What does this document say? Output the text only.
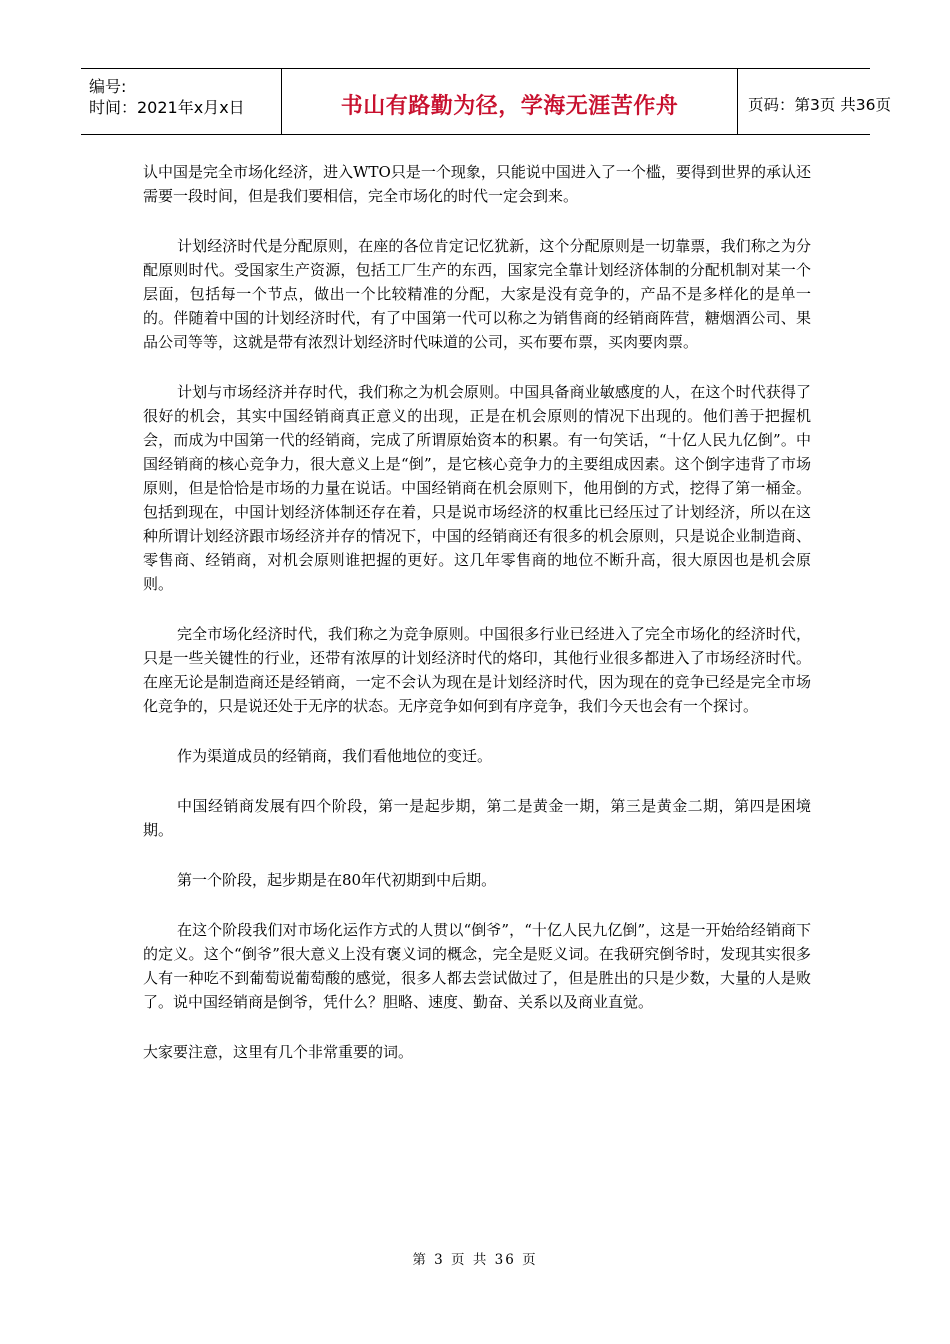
编号:
时间：2021年x月x日	书山有路勤为径，学海无涯苦作舟	页码：第3页 共36页

认中国是完全市场化经济，进入WTO只是一个现象，只能说中国进入了一个槛，要得到世界的承认还需要一段时间，但是我们要相信，完全市场化的时代一定会到来。

计划经济时代是分配原则，在座的各位肯定记忆犹新，这个分配原则是一切靠票，我们称之为分配原则时代。受国家生产资源，包括工厂生产的东西，国家完全靠计划经济体制的分配机制对某一个层面，包括每一个节点，做出一个比较精准的分配，大家是没有竞争的，产品不是多样化的是单一的。伴随着中国的计划经济时代，有了中国第一代可以称之为销售商的经销商阵营，糖烟酒公司、果品公司等等，这就是带有浓烈计划经济时代味道的公司，买布要布票，买肉要肉票。

计划与市场经济并存时代，我们称之为机会原则。中国具备商业敏感度的人，在这个时代获得了很好的机会，其实中国经销商真正意义的出现，正是在机会原则的情况下出现的。他们善于把握机会，而成为中国第一代的经销商，完成了所谓原始资本的积累。有一句笑话，“十亿人民九亿倒”。中国经销商的核心竞争力，很大意义上是“倒”，是它核心竞争力的主要组成因素。这个倒字违背了市场原则，但是恰恰是市场的力量在说话。中国经销商在机会原则下，他用倒的方式，挖得了第一桶金。包括到现在，中国计划经济体制还存在着，只是说市场经济的权重比已经压过了计划经济，所以在这种所谓计划经济跟市场经济并存的情况下，中国的经销商还有很多的机会原则，只是说企业制造商、零售商、经销商，对机会原则谁把握的更好。这几年零售商的地位不断升高，很大原因也是机会原则。

完全市场化经济时代，我们称之为竞争原则。中国很多行业已经进入了完全市场化的经济时代，只是一些关键性的行业，还带有浓厚的计划经济时代的烙印，其他行业很多都进入了市场经济时代。在座无论是制造商还是经销商，一定不会认为现在是计划经济时代，因为现在的竞争已经是完全市场化竞争的，只是说还处于无序的状态。无序竞争如何到有序竞争，我们今天也会有一个探讨。

作为渠道成员的经销商，我们看他地位的变迁。

中国经销商发展有四个阶段，第一是起步期，第二是黄金一期，第三是黄金二期，第四是困境期。

第一个阶段，起步期是在80年代初期到中后期。

在这个阶段我们对市场化运作方式的人贯以“倒爷”，“十亿人民九亿倒”，这是一开始给经销商下的定义。这个“倒爷”很大意义上没有褒义词的概念，完全是贬义词。在我研究倒爷时，发现其实很多人有一种吃不到葡萄说葡萄酸的感觉，很多人都去尝试做过了，但是胜出的只是少数，大量的人是败了。说中国经销商是倒爷，凭什么？胆略、速度、勤奋、关系以及商业直觉。

大家要注意，这里有几个非常重要的词。

第 3 页 共 36 页
